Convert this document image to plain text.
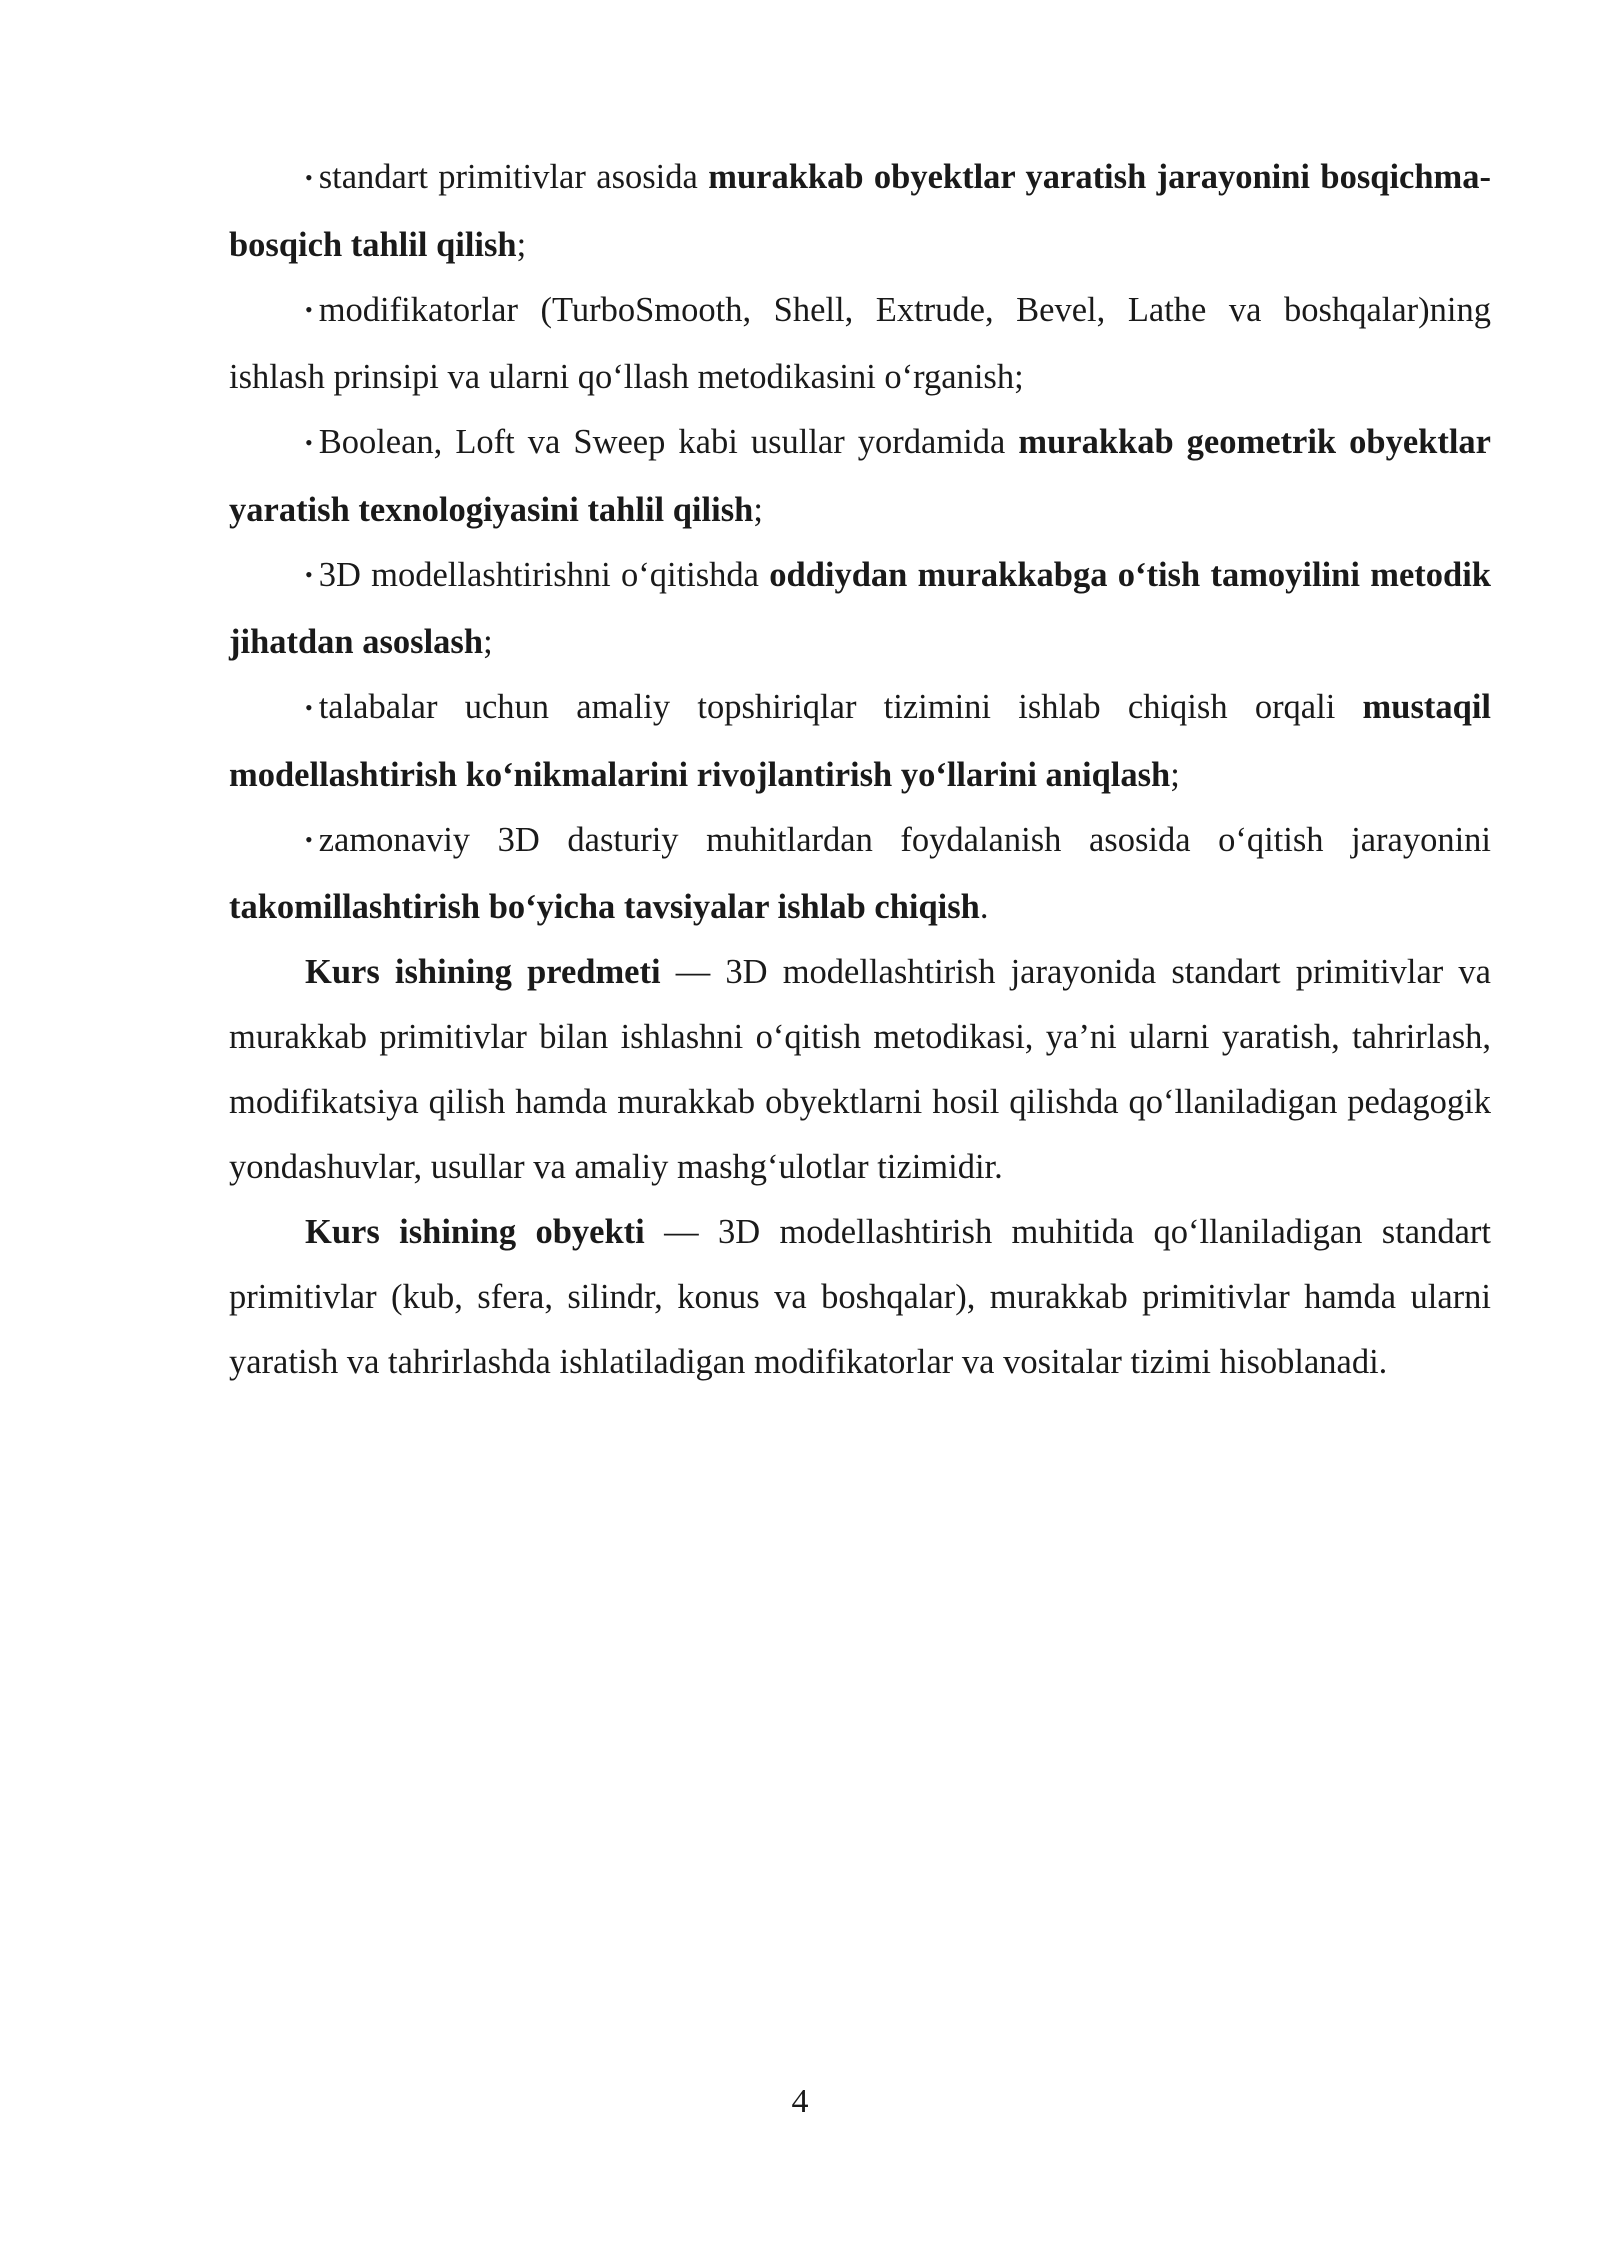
• standart primitivlar asosida murakkab obyektlar yaratish jarayonini bosqichma-bosqich tahlil qilish;

• modifikatorlar (TurboSmooth, Shell, Extrude, Bevel, Lathe va boshqalar)ning ishlash prinsipi va ularni qo‘llash metodikasini o‘rganish;

• Boolean, Loft va Sweep kabi usullar yordamida murakkab geometrik obyektlar yaratish texnologiyasini tahlil qilish;

• 3D modellashtirishni o‘qitishda oddiydan murakkabga o‘tish tamoyilini metodik jihatdan asoslash;

• talabalar uchun amaliy topshiriqlar tizimini ishlab chiqish orqali mustaqil modellashtirish ko‘nikmalarini rivojlantirish yo‘llarini aniqlash;

• zamonaviy 3D dasturiy muhitlardan foydalanish asosida o‘qitish jarayonini takomillashtirish bo‘yicha tavsiyalar ishlab chiqish.

Kurs ishining predmeti — 3D modellashtirish jarayonida standart primitivlar va murakkab primitivlar bilan ishlashni o‘qitish metodikasi, ya’ni ularni yaratish, tahrirlash, modifikatsiya qilish hamda murakkab obyektlarni hosil qilishda qo‘llaniladigan pedagogik yondashuvlar, usullar va amaliy mashg‘ulotlar tizimidir.

Kurs ishining obyekti — 3D modellashtirish muhitida qo‘llaniladigan standart primitivlar (kub, sfera, silindr, konus va boshqalar), murakkab primitivlar hamda ularni yaratish va tahrirlashda ishlatiladigan modifikatorlar va vositalar tizimi hisoblanadi.

4
